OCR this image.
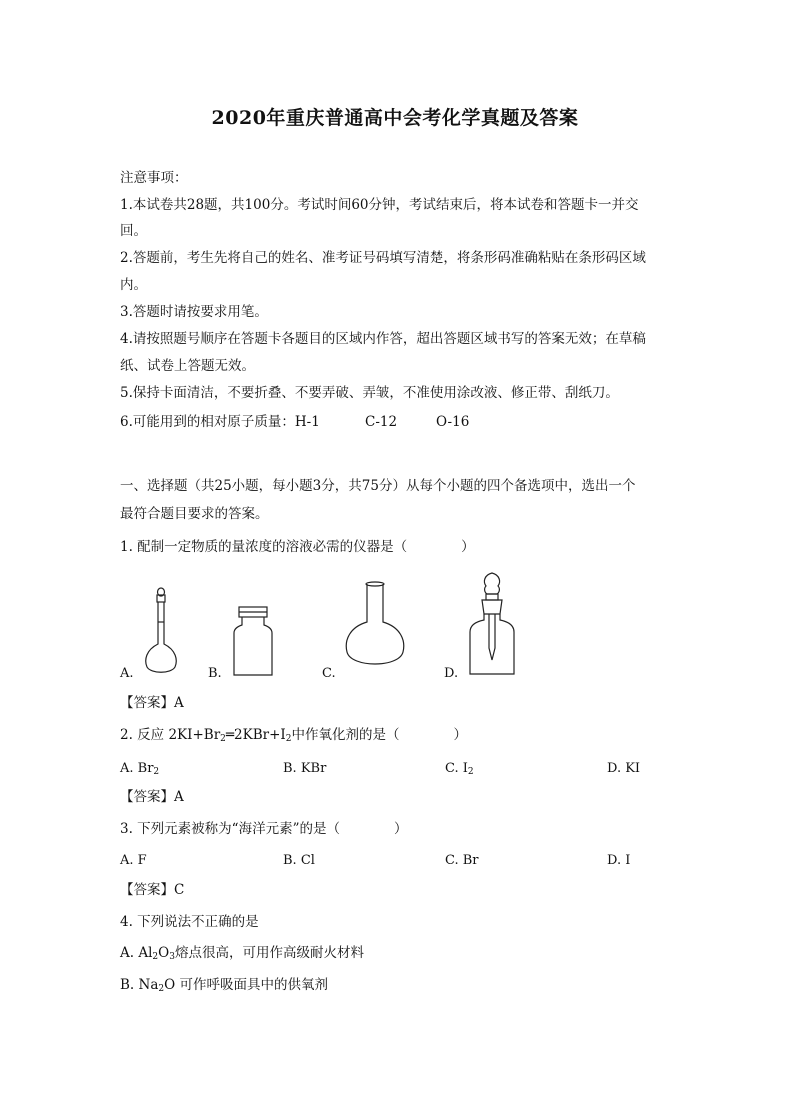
2020年重庆普通高中会考化学真题及答案
注意事项：
1.本试卷共28题，共100分。考试时间60分钟，考试结束后，将本试卷和答题卡一并交
回。
2.答题前，考生先将自己的姓名、准考证号码填写清楚，将条形码准确粘贴在条形码区域
内。
3.答题时请按要求用笔。
4.请按照题号顺序在答题卡各题目的区域内作答，超出答题区域书写的答案无效；在草稿
纸、试卷上答题无效。
5.保持卡面清洁，不要折叠、不要弄破、弄皱，不准使用涂改液、修正带、刮纸刀。
6.可能用到的相对原子质量：H-1	C-12	O-16
一、选择题（共25小题，每小题3分，共75分）从每个小题的四个备选项中，选出一个
最符合题目要求的答案。
1. 配制一定物质的量浓度的溶液必需的仪器是（　　　　）
A.	B.	C.	D.
【答案】A
2. 反应 $2KI+Br_2═2KBr+I_2$中作氧化剂的是（　　　　）
A. $Br_2$	B. KBr	C. $I_2$	D. KI
【答案】A
3. 下列元素被称为“海洋元素”的是（　　　　）
A. F	B. Cl	C. Br	D. I
【答案】C
4. 下列说法不正确的是
A. $Al_2O_3$熔点很高，可用作高级耐火材料
B. $Na_2O$ 可作呼吸面具中的供氧剂
